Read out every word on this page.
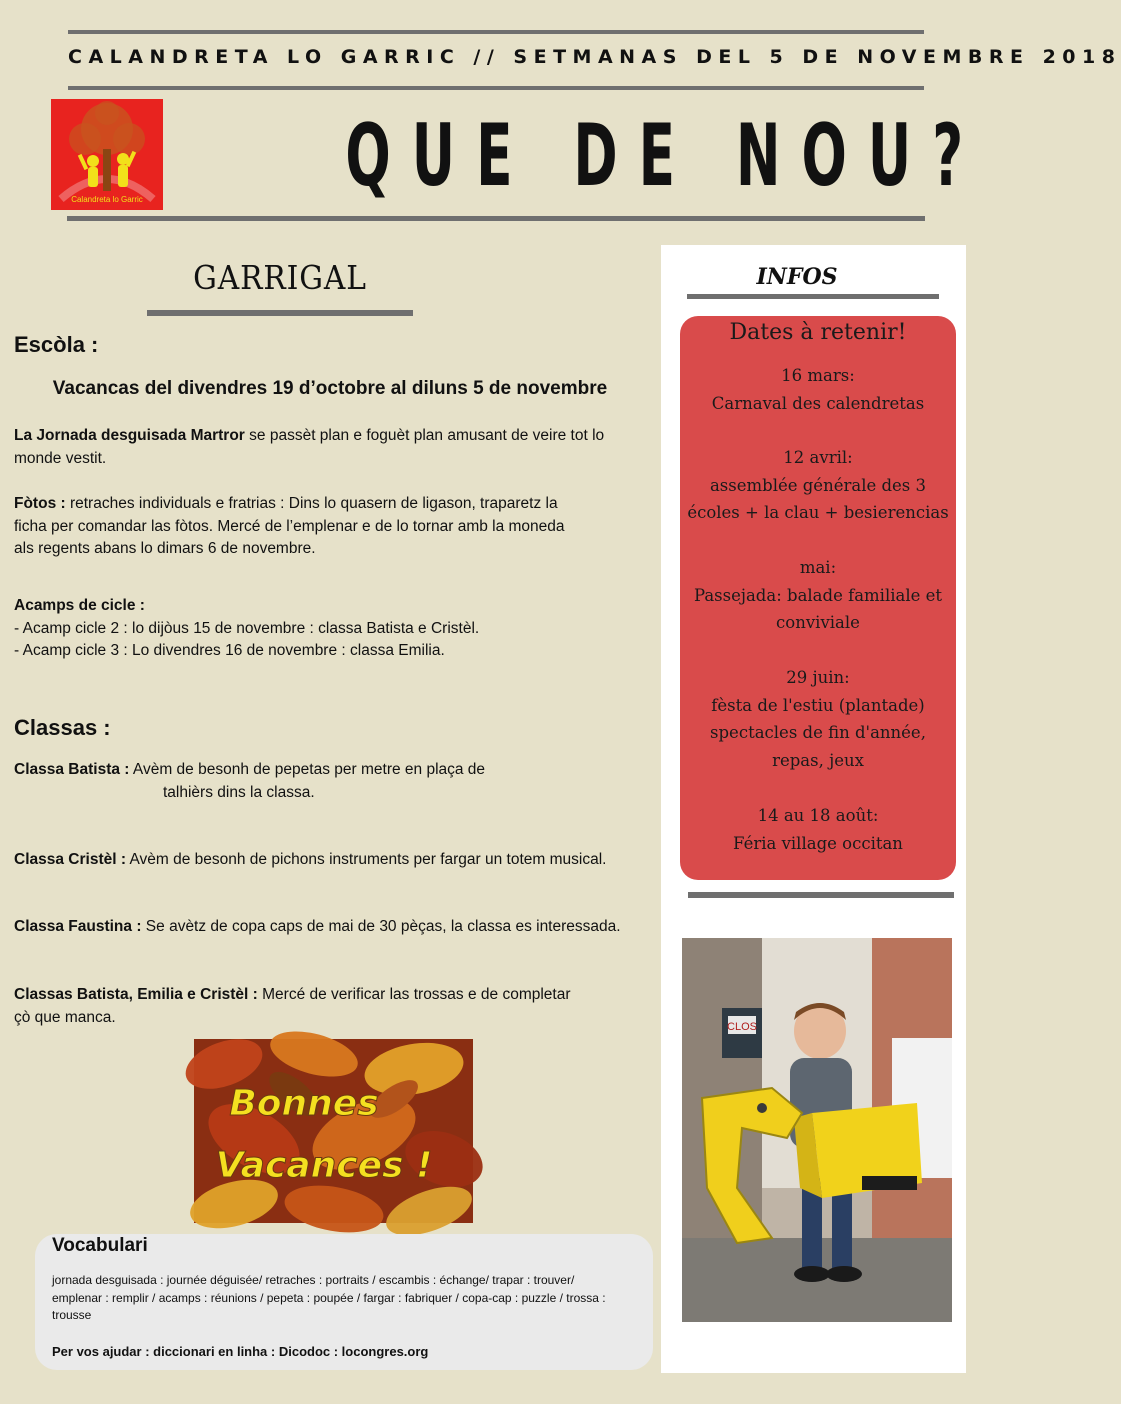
CALANDRETA LO GARRIC // SETMANAS DEL 5 DE NOVEMBRE 2018
Calandreta lo Garric QUE DE NOU?
GARRIGAL
Escòla :
Vacancas del divendres 19 d’octobre al diluns 5 de novembre
La Jornada desguisada Martror se passèt plan e foguèt plan amusant de veire tot lo
monde vestit.
Fòtos : retraches individuals e fratrias : Dins lo quasern de ligason, traparetz la
ficha per comandar las fòtos. Mercé de l’emplenar e de lo tornar amb la moneda
als regents abans lo dimars 6 de novembre.
Acamps de cicle :
- Acamp cicle 2 : lo dijòus 15 de novembre : classa Batista e Cristèl.
- Acamp cicle 3 : Lo divendres 16 de novembre : classa Emilia.
Classas :
Classa Batista : Avèm de besonh de pepetas per metre en plaça de
talhièrs dins la classa.
Classa Cristèl : Avèm de besonh de pichons instruments per fargar un totem musical.
Classa Faustina : Se avètz de copa caps de mai de 30 pèças, la classa es interessada.
Classas Batista, Emilia e Cristèl : Mercé de verificar las trossas e de completar
çò que manca.
Bonnes
Vacances !
Vocabulari
jornada desguisada : journée déguisée/ retraches : portraits / escambis : échange/ trapar : trouver/
emplenar : remplir / acamps : réunions / pepeta : poupée / fargar : fabriquer / copa-cap : puzzle / trossa :
trousse
Per vos ajudar : diccionari en linha : Dicodoc : locongres.org
INFOS
Dates à retenir!
16 mars:
Carnaval des calendretas
12 avril:
assemblée générale des 3 écoles + la clau + besierencias
mai:
Passejada: balade familiale et conviviale
29 juin:
fèsta de l'estiu (plantade) spectacles de fin d'année, repas, jeux
14 au 18 août:
Féria village occitan
CLOS
